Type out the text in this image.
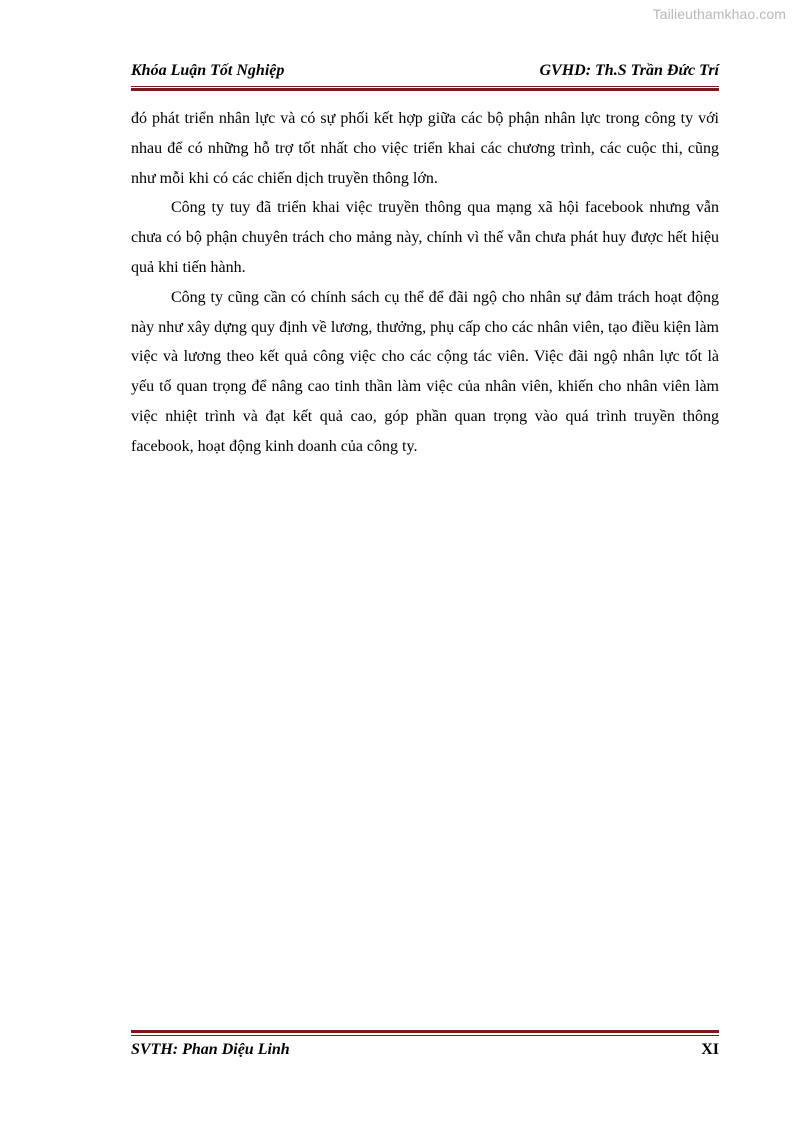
Tailieuthamkhao.com
Khóa Luận Tốt Nghiệp	GVHD: Th.S Trần Đức Trí

đó phát triển nhân lực và có sự phối kết hợp giữa các bộ phận nhân lực trong công ty với nhau để có những hỗ trợ tốt nhất cho việc triển khai các chương trình, các cuộc thi, cũng như mỗi khi có các chiến dịch truyền thông lớn.

Công ty tuy đã triển khai việc truyền thông qua mạng xã hội facebook nhưng vẫn chưa có bộ phận chuyên trách cho mảng này, chính vì thế vẫn chưa phát huy được hết hiệu quả khi tiến hành.

Công ty cũng cần có chính sách cụ thể để đãi ngộ cho nhân sự đảm trách hoạt động này như xây dựng quy định về lương, thưởng, phụ cấp cho các nhân viên, tạo điều kiện làm việc và lương theo kết quả công việc cho các cộng tác viên. Việc đãi ngộ nhân lực tốt là yếu tố quan trọng để nâng cao tinh thần làm việc của nhân viên, khiến cho nhân viên làm việc nhiệt trình và đạt kết quả cao, góp phần quan trọng vào quá trình truyền thông facebook, hoạt động kinh doanh của công ty.

SVTH: Phan Diệu Linh	XI
